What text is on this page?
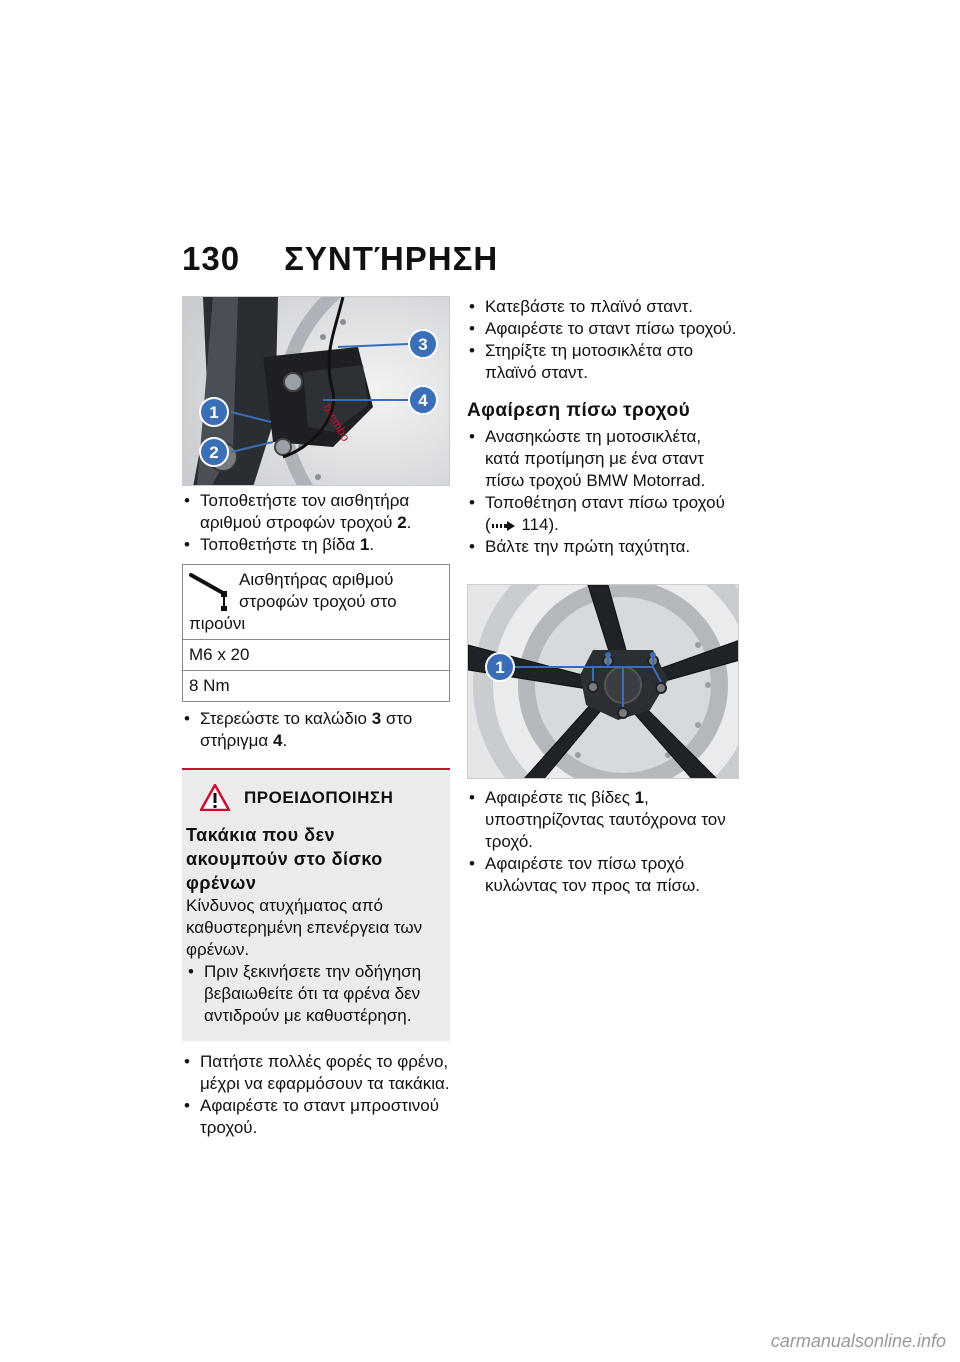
130 ΣΥΝΤΉΡΗΣΗ
brembo
1
2
3
4
• Τοποθετήστε τον αισθητήρα αριθμού στροφών τροχού 2.
• Τοποθετήστε τη βίδα 1.
Αισθητήρας αριθμού στροφών τροχού στο πιρούνι
M6 x 20
8 Nm
• Στερεώστε το καλώδιο 3 στο στήριγμα 4.
ΠΡΟΕΙΔΟΠΟΙΗΣΗ
Τακάκια που δεν ακουμπούν στο δίσκο φρένων
Κίνδυνος ατυχήματος από καθυστερημένη επενέργεια των φρένων.
• Πριν ξεκινήσετε την οδήγηση βεβαιωθείτε ότι τα φρένα δεν αντιδρούν με καθυστέρηση.
• Πατήστε πολλές φορές το φρένο, μέχρι να εφαρμόσουν τα τακάκια.
• Αφαιρέστε το σταντ μπροστινού τροχού.
• Κατεβάστε το πλαϊνό σταντ.
• Αφαιρέστε το σταντ πίσω τροχού.
• Στηρίξτε τη μοτοσικλέτα στο πλαϊνό σταντ.
Αφαίρεση πίσω τροχού
• Ανασηκώστε τη μοτοσικλέτα, κατά προτίμηση με ένα σταντ πίσω τροχού BMW Motorrad.
• Τοποθέτηση σταντ πίσω τροχού
( 114).
• Βάλτε την πρώτη ταχύτητα.
1
• Αφαιρέστε τις βίδες 1, υποστηρίζοντας ταυτόχρονα τον τροχό.
• Αφαιρέστε τον πίσω τροχό κυλώντας τον προς τα πίσω.
carmanualsonline.info
